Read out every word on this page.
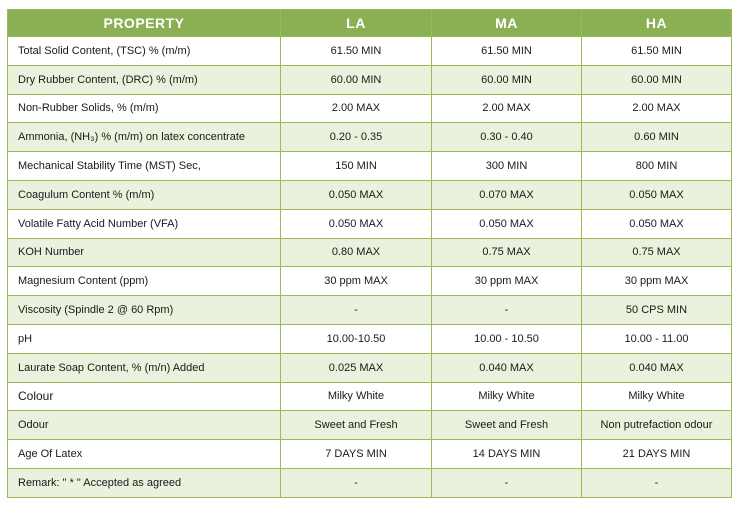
PROPERTY	LA	MA	HA
Total Solid Content, (TSC) % (m/m)	61.50 MIN	61.50 MIN	61.50 MIN
Dry Rubber Content, (DRC) % (m/m)	60.00 MIN	60.00 MIN	60.00 MIN
Non-Rubber Solids, % (m/m)	2.00 MAX	2.00 MAX	2.00 MAX
Ammonia, (NH₃) % (m/m) on latex concentrate	0.20 - 0.35	0.30 - 0.40	0.60 MIN
Mechanical Stability Time (MST) Sec,	150 MIN	300 MIN	800 MIN
Coagulum Content % (m/m)	0.050 MAX	0.070 MAX	0.050 MAX
Volatile Fatty Acid Number (VFA)	0.050 MAX	0.050 MAX	0.050 MAX
KOH Number	0.80 MAX	0.75 MAX	0.75 MAX
Magnesium Content (ppm)	30 ppm MAX	30 ppm MAX	30 ppm MAX
Viscosity (Spindle 2 @ 60 Rpm)	-	-	50 CPS MIN
pH	10.00-10.50	10.00 - 10.50	10.00 - 11.00
Laurate Soap Content, % (m/n) Added	0.025 MAX	0.040 MAX	0.040 MAX
Colour	Milky White	Milky White	Milky White
Odour	Sweet and Fresh	Sweet and Fresh	Non putrefaction odour
Age Of Latex	7 DAYS MIN	14 DAYS MIN	21 DAYS MIN
Remark: " * " Accepted as agreed	-	-	-
